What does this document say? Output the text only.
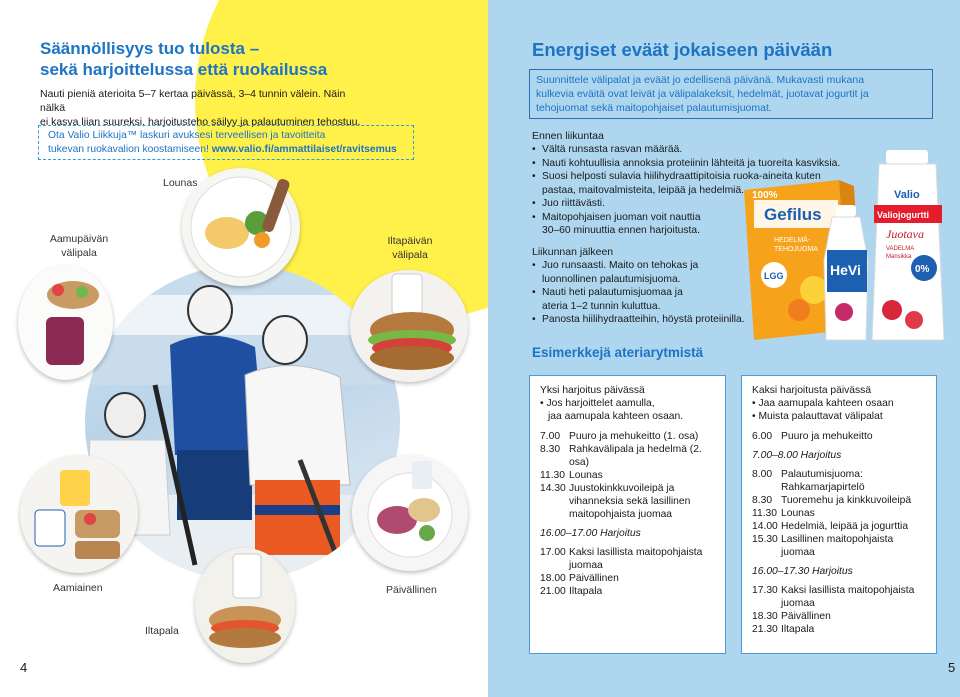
Säännöllisyys tuo tulosta –
sekä harjoittelussa että ruokailussa

Nauti pieniä aterioita 5–7 kertaa päivässä, 3–4 tunnin välein. Näin nälkä
ei kasva liian suureksi, harjoitusteho säilyy ja palautuminen tehostuu.

Ota Valio Liikkuja™ laskuri avuksesi terveellisen ja tavoitteita
tukevan ruokavalion koostamiseen! www.valio.fi/ammattilaiset/ravitsemus
Lounas
Aamupäivän
välipala
Iltapäivän
välipala
Aamiainen	Päivällinen
Iltapala
4
Energiset eväät jokaiseen päivään
Suunnittele välipalat ja eväät jo edellisenä päivänä. Mukavasti mukana
kulkevia eväitä ovat leivät ja välipalakeksit, hedelmät, juotavat jogurtit ja
tehojuomat sekä maitopohjaiset palautumisjuomat.
Ennen liikuntaa
• Vältä runsasta rasvan määrää.
• Nauti kohtuullisia annoksia proteiinin lähteitä ja tuoreita kasviksia.
• Suosi helposti sulavia hiilihydraattipitoisia ruoka-aineita kuten
pastaa, maitovalmisteita, leipää ja hedelmiä.
• Juo riittävästi.
• Maitopohjaisen juoman voit nauttia
30–60 minuuttia ennen harjoitusta.
Liikunnan jälkeen
• Juo runsaasti. Maito on tehokas ja
luonnollinen palautumisjuoma.
• Nauti heti palautumisjuomaa ja
ateria 1–2 tunnin kuluttua.
• Panosta hiilihydraatteihin, höystä proteiinilla.
Gefilus
100%
HEDELMÄ-
TEHOJUOMA
LGG
Valiojogurtti
Valio
Juotava
VADELMA
Mansikka
0%
HeVi
Esimerkkejä ateriarytmistä
Yksi harjoitus päivässä
• Jos harjoittelet aamulla,
jaa aamupala kahteen osaan.
7.00 Puuro ja mehukeitto (1. osa)
8.30 Rahkavälipala ja hedelmä (2. osa)
11.30 Lounas
14.30 Juustokinkkuvoileipä ja
vihanneksia sekä lasillinen
maitopohjaista juomaa
16.00–17.00 Harjoitus
17.00 Kaksi lasillista maitopohjaista
juomaa
18.00 Päivällinen
21.00 Iltapala
Kaksi harjoitusta päivässä
• Jaa aamupala kahteen osaan
• Muista palauttavat välipalat
6.00 Puuro ja mehukeitto
7.00–8.00 Harjoitus
8.00 Palautumisjuoma:
Rahkamarjapirtelö
8.30 Tuoremehu ja kinkkuvoileipä
11.30 Lounas
14.00 Hedelmiä, leipää ja jogurttia
15.30 Lasillinen maitopohjaista juomaa
16.00–17.30 Harjoitus
17.30 Kaksi lasillista maitopohjaista
juomaa
18.30 Päivällinen
21.30 Iltapala
5
